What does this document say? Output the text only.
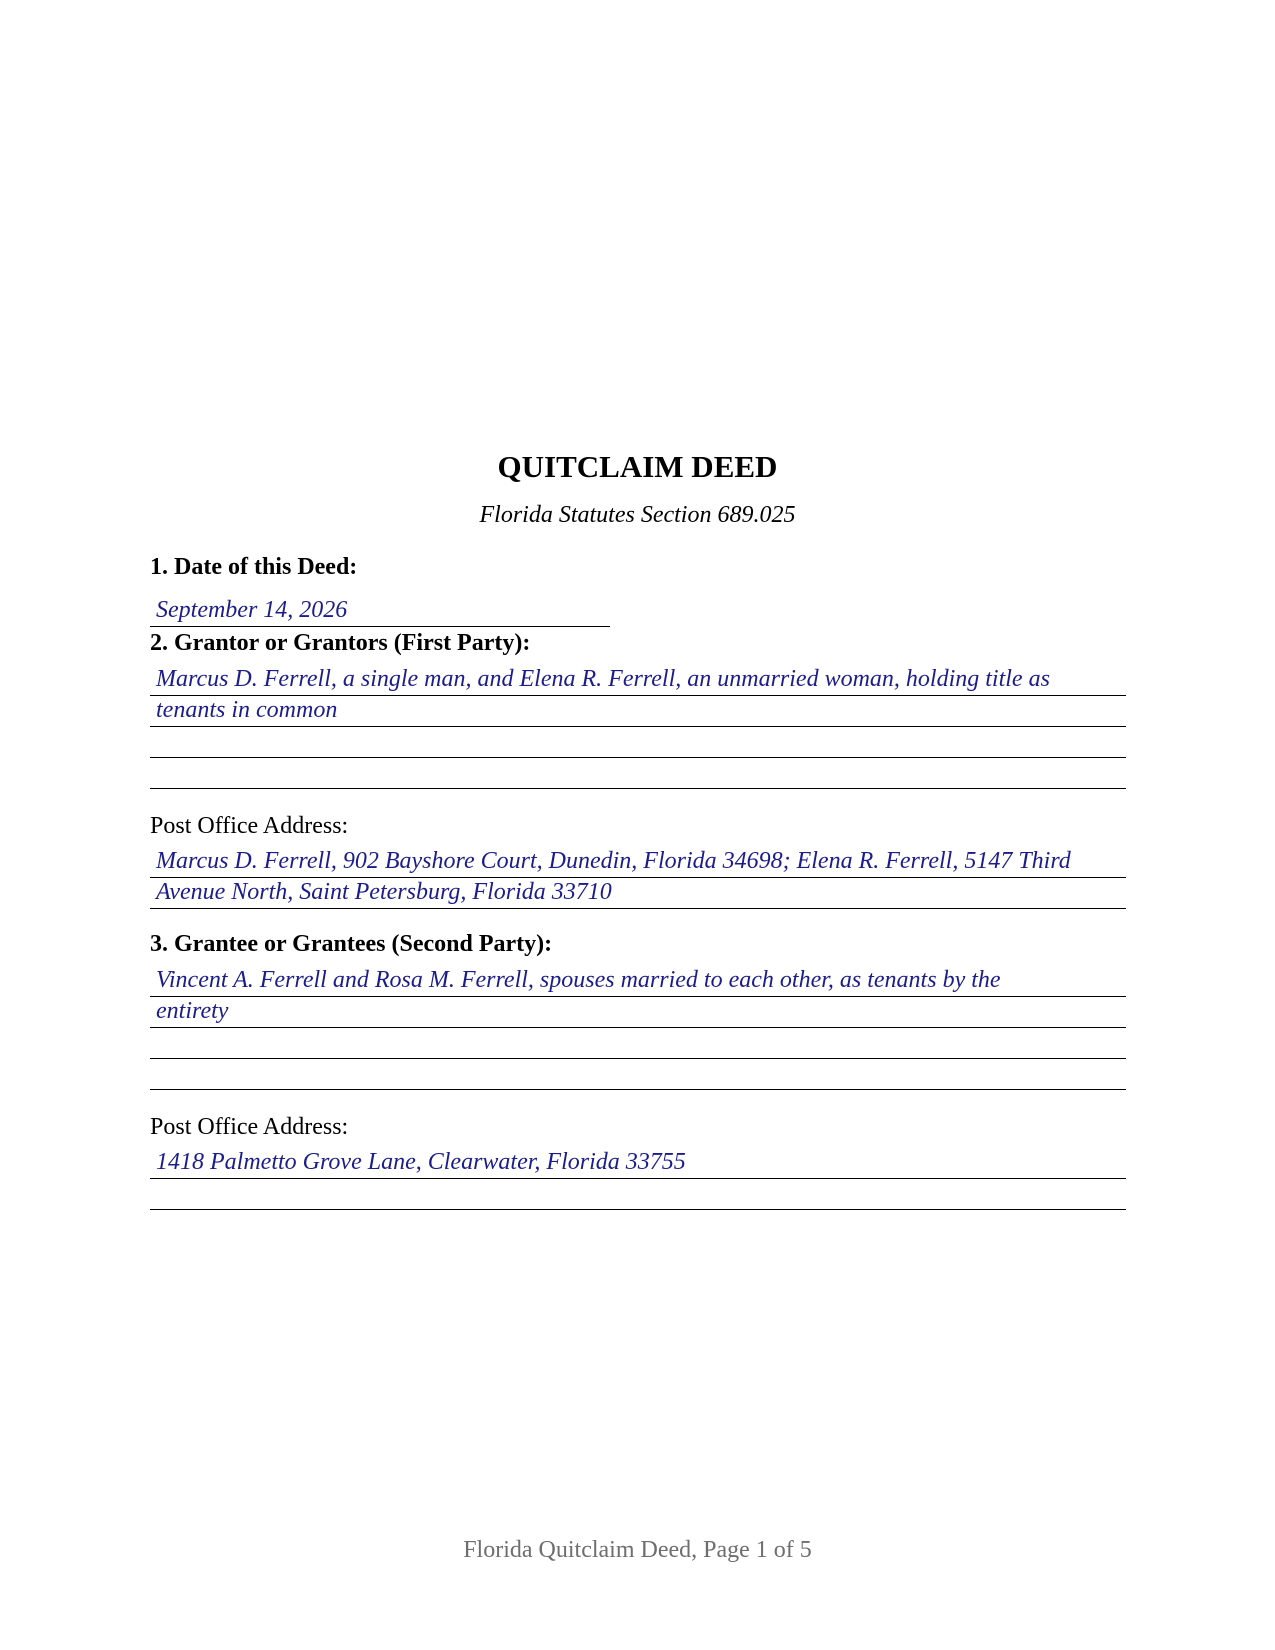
QUITCLAIM DEED
Florida Statutes Section 689.025
1. Date of this Deed:
September 14, 2026
2. Grantor or Grantors (First Party):
Marcus D. Ferrell, a single man, and Elena R. Ferrell, an unmarried woman, holding title as
tenants in common
Post Office Address:
Marcus D. Ferrell, 902 Bayshore Court, Dunedin, Florida 34698; Elena R. Ferrell, 5147 Third
Avenue North, Saint Petersburg, Florida 33710
3. Grantee or Grantees (Second Party):
Vincent A. Ferrell and Rosa M. Ferrell, spouses married to each other, as tenants by the
entirety
Post Office Address:
1418 Palmetto Grove Lane, Clearwater, Florida 33755
Florida Quitclaim Deed, Page 1 of 5
